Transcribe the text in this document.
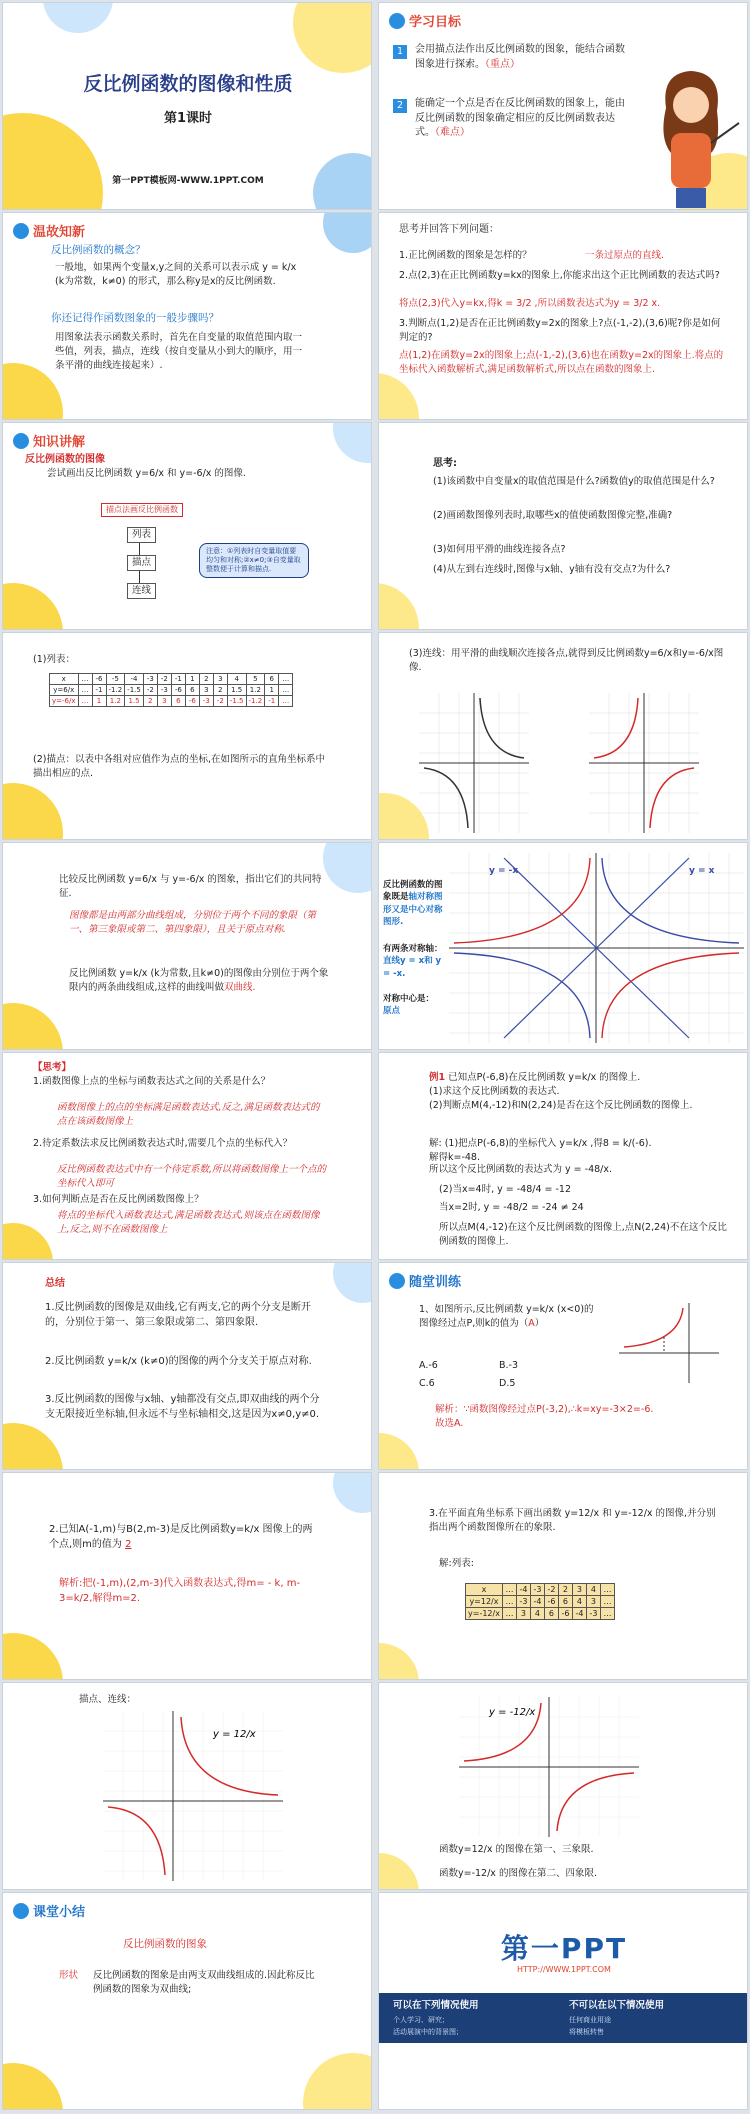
反比例函数的图像和性质
第1课时
第一PPT模板网-WWW.1PPT.COM
学习目标
1	会用描点法作出反比例函数的图象，能结合函数图象进行探索。（重点）
2	能确定一个点是否在反比例函数的图象上，能由反比例函数的图象确定相应的反比例函数表达式。（难点）
温故知新
反比例函数的概念？
一般地，如果两个变量x,y之间的关系可以表示成 y = k/x (k为常数，k≠0) 的形式，那么称y是x的反比例函数.
你还记得作函数图象的一般步骤吗？
用图象法表示函数关系时，首先在自变量的取值范围内取一些值，列表，描点，连线（按自变量从小到大的顺序，用一条平滑的曲线连接起来）.
思考并回答下列问题：
1.正比例函数的图象是怎样的？	一条过原点的直线.
2.点(2,3)在正比例函数y=kx的图象上,你能求出这个正比例函数的表达式吗?
将点(2,3)代入y=kx,得k = 3/2 ,所以函数表达式为y = 3/2 x.
3.判断点(1,2)是否在正比例函数y=2x的图象上?点(-1,-2),(3,6)呢?你是如何判定的?
点(1,2)在函数y=2x的图象上;点(-1,-2),(3,6)也在函数y=2x的图象上.将点的坐标代入函数解析式,满足函数解析式,所以点在函数的图象上.
知识讲解
反比例函数的图像
尝试画出反比例函数 y=6/x 和 y=-6/x 的图像.
描点法画反比例函数
列表
描点
连线
注意：①列表时自变量取值要均匀和对称;②x≠0;③自变量取整数便于计算和描点.
思考:
(1)该函数中自变量x的取值范围是什么?函数值y的取值范围是什么?
(2)画函数图像列表时,取哪些x的值使函数图像完整,准确?
(3)如何用平滑的曲线连接各点?
(4)从左到右连线时,图像与x轴、y轴有没有交点?为什么?
(1)列表：
x	…	-6	-5	-4	-3	-2	-1	1	2	3	4	5	6	…
y=6/x	…	-1	-1.2	-1.5	-2	-3	-6	6	3	2	1.5	1.2	1	…
y=-6/x	…	1	1.2	1.5	2	3	6	-6	-3	-2	-1.5	-1.2	-1	…
(2)描点：以表中各组对应值作为点的坐标,在如图所示的直角坐标系中描出相应的点.
(3)连线：用平滑的曲线顺次连接各点,就得到反比例函数y=6/x和y=-6/x图像.
比较反比例函数 y=6/x 与 y=-6/x 的图象，指出它们的共同特征.
图像都是由两部分曲线组成，分别位于两个不同的象限（第一、第三象限或第二、第四象限），且关于原点对称.
反比例函数 y=k/x (k为常数,且k≠0)的图像由分别位于两个象限内的两条曲线组成,这样的曲线叫做双曲线.
反比例函数的图象既是轴对称图形又是中心对称图形.
有两条对称轴：
直线y = x和 y = -x.
对称中心是：
原点
y = -x	y = x
【思考】
1.函数图像上点的坐标与函数表达式之间的关系是什么？
函数图像上的点的坐标满足函数表达式,反之,满足函数表达式的点在该函数图像上
2.待定系数法求反比例函数表达式时,需要几个点的坐标代入？
反比例函数表达式中有一个待定系数,所以将函数图像上一个点的坐标代入即可
3.如何判断点是否在反比例函数图像上？
将点的坐标代入函数表达式,满足函数表达式,则该点在函数图像上,反之,则不在函数图像上
例1 已知点P(-6,8)在反比例函数 y=k/x 的图像上.
(1)求这个反比例函数的表达式.
(2)判断点M(4,-12)和N(2,24)是否在这个反比例函数的图像上.
解: (1)把点P(-6,8)的坐标代入 y=k/x ,得8 = k/(-6).
解得k=-48.
所以这个反比例函数的表达式为 y = -48/x.
(2)当x=4时, y = -48/4 = -12
当x=2时, y = -48/2 = -24 ≠ 24
所以点M(4,-12)在这个反比例函数的图像上,点N(2,24)不在这个反比例函数的图像上.
总结
1.反比例函数的图像是双曲线,它有两支,它的两个分支是断开的，分别位于第一、第三象限或第二、第四象限.
2.反比例函数 y=k/x (k≠0)的图像的两个分支关于原点对称.
3.反比例函数的图像与x轴、y轴都没有交点,即双曲线的两个分支无限接近坐标轴,但永远不与坐标轴相交,这是因为x≠0,y≠0.
随堂训练
1、如图所示,反比例函数 y=k/x (x<0)的图像经过点P,则k的值为（A）
A.-6	B.-3
C.6	D.5
解析：∵函数图像经过点P(-3,2),∴k=xy=-3×2=-6.故选A.
2.已知A(-1,m)与B(2,m-3)是反比例函数y=k/x 图像上的两个点,则m的值为 2
解析:把(-1,m),(2,m-3)代入函数表达式,得m= - k, m-3=k/2,解得m=2.
3.在平面直角坐标系下画出函数 y=12/x 和 y=-12/x 的图像,并分别指出两个函数图像所在的象限.
解:列表:
x	…	-4	-3	-2	2	3	4	…
y=12/x	…	-3	-4	-6	6	4	3	…
y=-12/x	…	3	4	6	-6	-4	-3	…
描点、连线：
y = 12/x
y = -12/x
函数y=12/x 的图像在第一、三象限.
函数y=-12/x 的图像在第二、四象限.
课堂小结
反比例函数的图象
形状 反比例函数的图象是由两支双曲线组成的.因此称反比例函数的图象为双曲线;
第一PPT
HTTP://WWW.1PPT.COM
可以在下列情况使用	不可以在以下情况使用
个人学习、研究；	任何商业用途
活动展演中的背景图；	将模板转售
